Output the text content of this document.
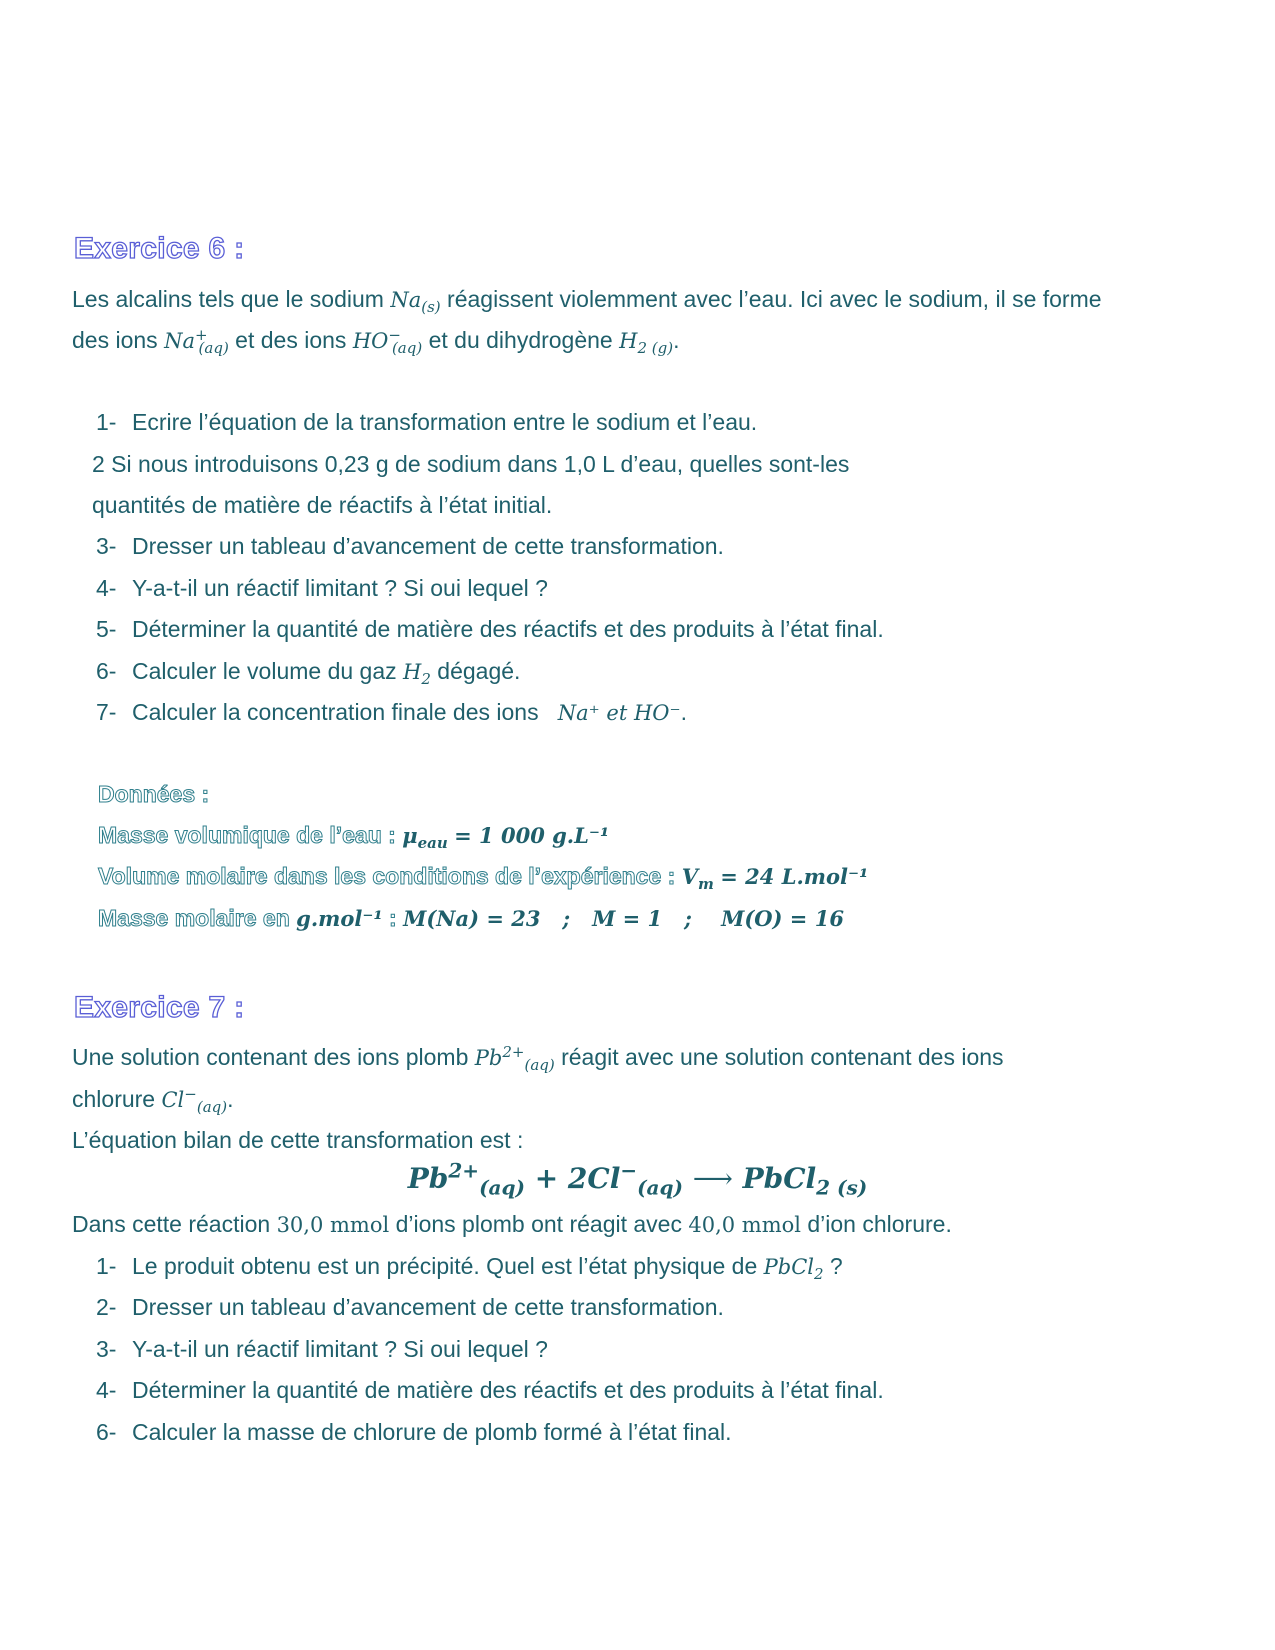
Exercice 6 :
Les alcalins tels que le sodium $Na_{(s)}$ réagissent violemment avec l’eau. Ici avec le sodium, il se forme
des ions $Na^+_{(aq)}$ et des ions $HO^-_{(aq)}$ et du dihydrogène $H_{2 (g)}$.
1- Ecrire l’équation de la transformation entre le sodium et l’eau.
2 Si nous introduisons 0,23 g de sodium dans 1,0 L d’eau, quelles sont-les
quantités de matière de réactifs à l’état initial.
3- Dresser un tableau d’avancement de cette transformation.
4- Y-a-t-il un réactif limitant ? Si oui lequel ?
5- Déterminer la quantité de matière des réactifs et des produits à l’état final.
6- Calculer le volume du gaz $H_2$ dégagé.
7- Calculer la concentration finale des ions Na⁺ et HO⁻.
Données :
Masse volumique de l’eau : $\mu_{eau} = 1$ 000 g.L⁻¹
Volume molaire dans les conditions de l’expérience : $V_m = 24$ L.mol⁻¹
Masse molaire en g.mol⁻¹ : M(Na) = 23   ;   M = 1   ;    M(O) = 16
Exercice 7 :
Une solution contenant des ions plomb $Pb^{2+}_{(aq)}$ réagit avec une solution contenant des ions
chlorure $Cl^-_{(aq)}$.
L’équation bilan de cette transformation est :
$Pb^{2+}_{(aq)} + 2Cl^-_{(aq)}$ ⟶ PbCl$_{2 (s)}$
Dans cette réaction 30,0 mmol d’ions plomb ont réagit avec 40,0 mmol d’ion chlorure.
1- Le produit obtenu est un précipité. Quel est l’état physique de PbCl$_2$ ?
2- Dresser un tableau d’avancement de cette transformation.
3- Y-a-t-il un réactif limitant ? Si oui lequel ?
4- Déterminer la quantité de matière des réactifs et des produits à l’état final.
6- Calculer la masse de chlorure de plomb formé à l’état final.
